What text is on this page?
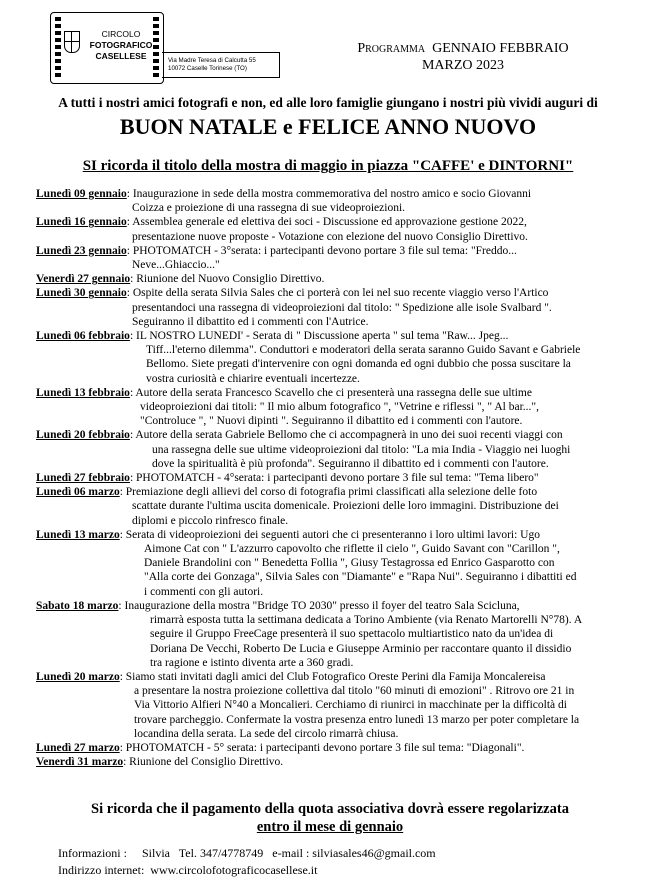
CIRCOLO
FOTOGRAFICO
CASELLESE	Via Madre Teresa di Calcutta 55
10072 Caselle Torinese (TO)
Programma GENNAIO FEBBRAIO
MARZO 2023
A tutti i nostri amici fotografi e non, ed alle loro famiglie giungano i nostri più vividi auguri di
BUON NATALE e FELICE ANNO NUOVO
SI ricorda il titolo della mostra di maggio in piazza "CAFFE' e DINTORNI"
Lunedì 09 gennaio: Inaugurazione in sede della mostra commemorativa del nostro amico e socio Giovanni
Coizza e proiezione di una rassegna di sue videoproiezioni.
Lunedì 16 gennaio: Assemblea generale ed elettiva dei soci - Discussione ed approvazione gestione 2022,
presentazione nuove proposte - Votazione con elezione del nuovo Consiglio Direttivo.
Lunedì 23 gennaio: PHOTOMATCH - 3°serata: i partecipanti devono portare 3 file sul tema: "Freddo...
Neve...Ghiaccio..."
Venerdì 27 gennaio: Riunione del Nuovo Consiglio Direttivo.
Lunedì 30 gennaio: Ospite della serata Silvia Sales che ci porterà con lei nel suo recente viaggio verso l'Artico
presentandoci una rassegna di videoproiezioni dal titolo: " Spedizione alle isole Svalbard ".
Seguiranno il dibattito ed i commenti con l'Autrice.
Lunedì 06 febbraio: IL NOSTRO LUNEDI' - Serata di " Discussione aperta " sul tema "Raw... Jpeg...
Tiff...l'eterno dilemma". Conduttori e moderatori della serata saranno Guido Savant e Gabriele
Bellomo. Siete pregati d'intervenire con ogni domanda ed ogni dubbio che possa suscitare la
vostra curiosità e chiarire eventuali incertezze.
Lunedì 13 febbraio: Autore della serata Francesco Scavello che ci presenterà una rassegna delle sue ultime
videoproiezioni dai titoli: " Il mio album fotografico ", "Vetrine e riflessi ", " Al bar...",
"Controluce ", " Nuovi dipinti ". Seguiranno il dibattito ed i commenti con l'autore.
Lunedì 20 febbraio: Autore della serata Gabriele Bellomo che ci accompagnerà in uno dei suoi recenti viaggi con
una rassegna delle sue ultime videoproiezioni dal titolo: "La mia India - Viaggio nei luoghi
dove la spiritualità è più profonda". Seguiranno il dibattito ed i commenti con l'autore.
Lunedì 27 febbraio: PHOTOMATCH - 4°serata: i partecipanti devono portare 3 file sul tema: "Tema libero"
Lunedì 06 marzo: Premiazione degli allievi del corso di fotografia primi classificati alla selezione delle foto
scattate durante l'ultima uscita domenicale. Proiezioni delle loro immagini. Distribuzione dei
diplomi e piccolo rinfresco finale.
Lunedì 13 marzo: Serata di videoproiezioni dei seguenti autori che ci presenteranno i loro ultimi lavori: Ugo
Aimone Cat con " L'azzurro capovolto che riflette il cielo ", Guido Savant con "Carillon ",
Daniele Brandolini con " Benedetta Follia ", Giusy Testagrossa ed Enrico Gasparotto con
"Alla corte dei Gonzaga", Silvia Sales con "Diamante" e "Rapa Nui". Seguiranno i dibattiti ed
i commenti con gli autori.
Sabato 18 marzo: Inaugurazione della mostra "Bridge TO 2030" presso il foyer del teatro Sala Scicluna,
rimarrà esposta tutta la settimana dedicata a Torino Ambiente (via Renato Martorelli N°78). A
seguire il Gruppo FreeCage presenterà il suo spettacolo multiartistico nato da un'idea di
Doriana De Vecchi, Roberto De Lucia e Giuseppe Arminio per raccontare quanto il dissidio
tra ragione e istinto diventa arte a 360 gradi.
Lunedì 20 marzo: Siamo stati invitati dagli amici del Club Fotografico Oreste Perini dla Famija Moncalereisa
a presentare la nostra proiezione collettiva dal titolo "60 minuti di emozioni" . Ritrovo ore 21 in
Via Vittorio Alfieri N°40 a Moncalieri. Cerchiamo di riunirci in macchinate per la difficoltà di
trovare parcheggio. Confermate la vostra presenza entro lunedì 13 marzo per poter completare la
locandina della serata. La sede del circolo rimarrà chiusa.
Lunedì 27 marzo: PHOTOMATCH - 5° serata: i partecipanti devono portare 3 file sul tema: "Diagonali".
Venerdì 31 marzo: Riunione del Consiglio Direttivo.
Si ricorda che il pagamento della quota associativa dovrà essere regolarizzata
entro il mese di gennaio
Informazioni : Silvia Tel. 347/4778749 e-mail : silviasales46@gmail.com
Indirizzo internet: www.circolofotograficocasellese.it
